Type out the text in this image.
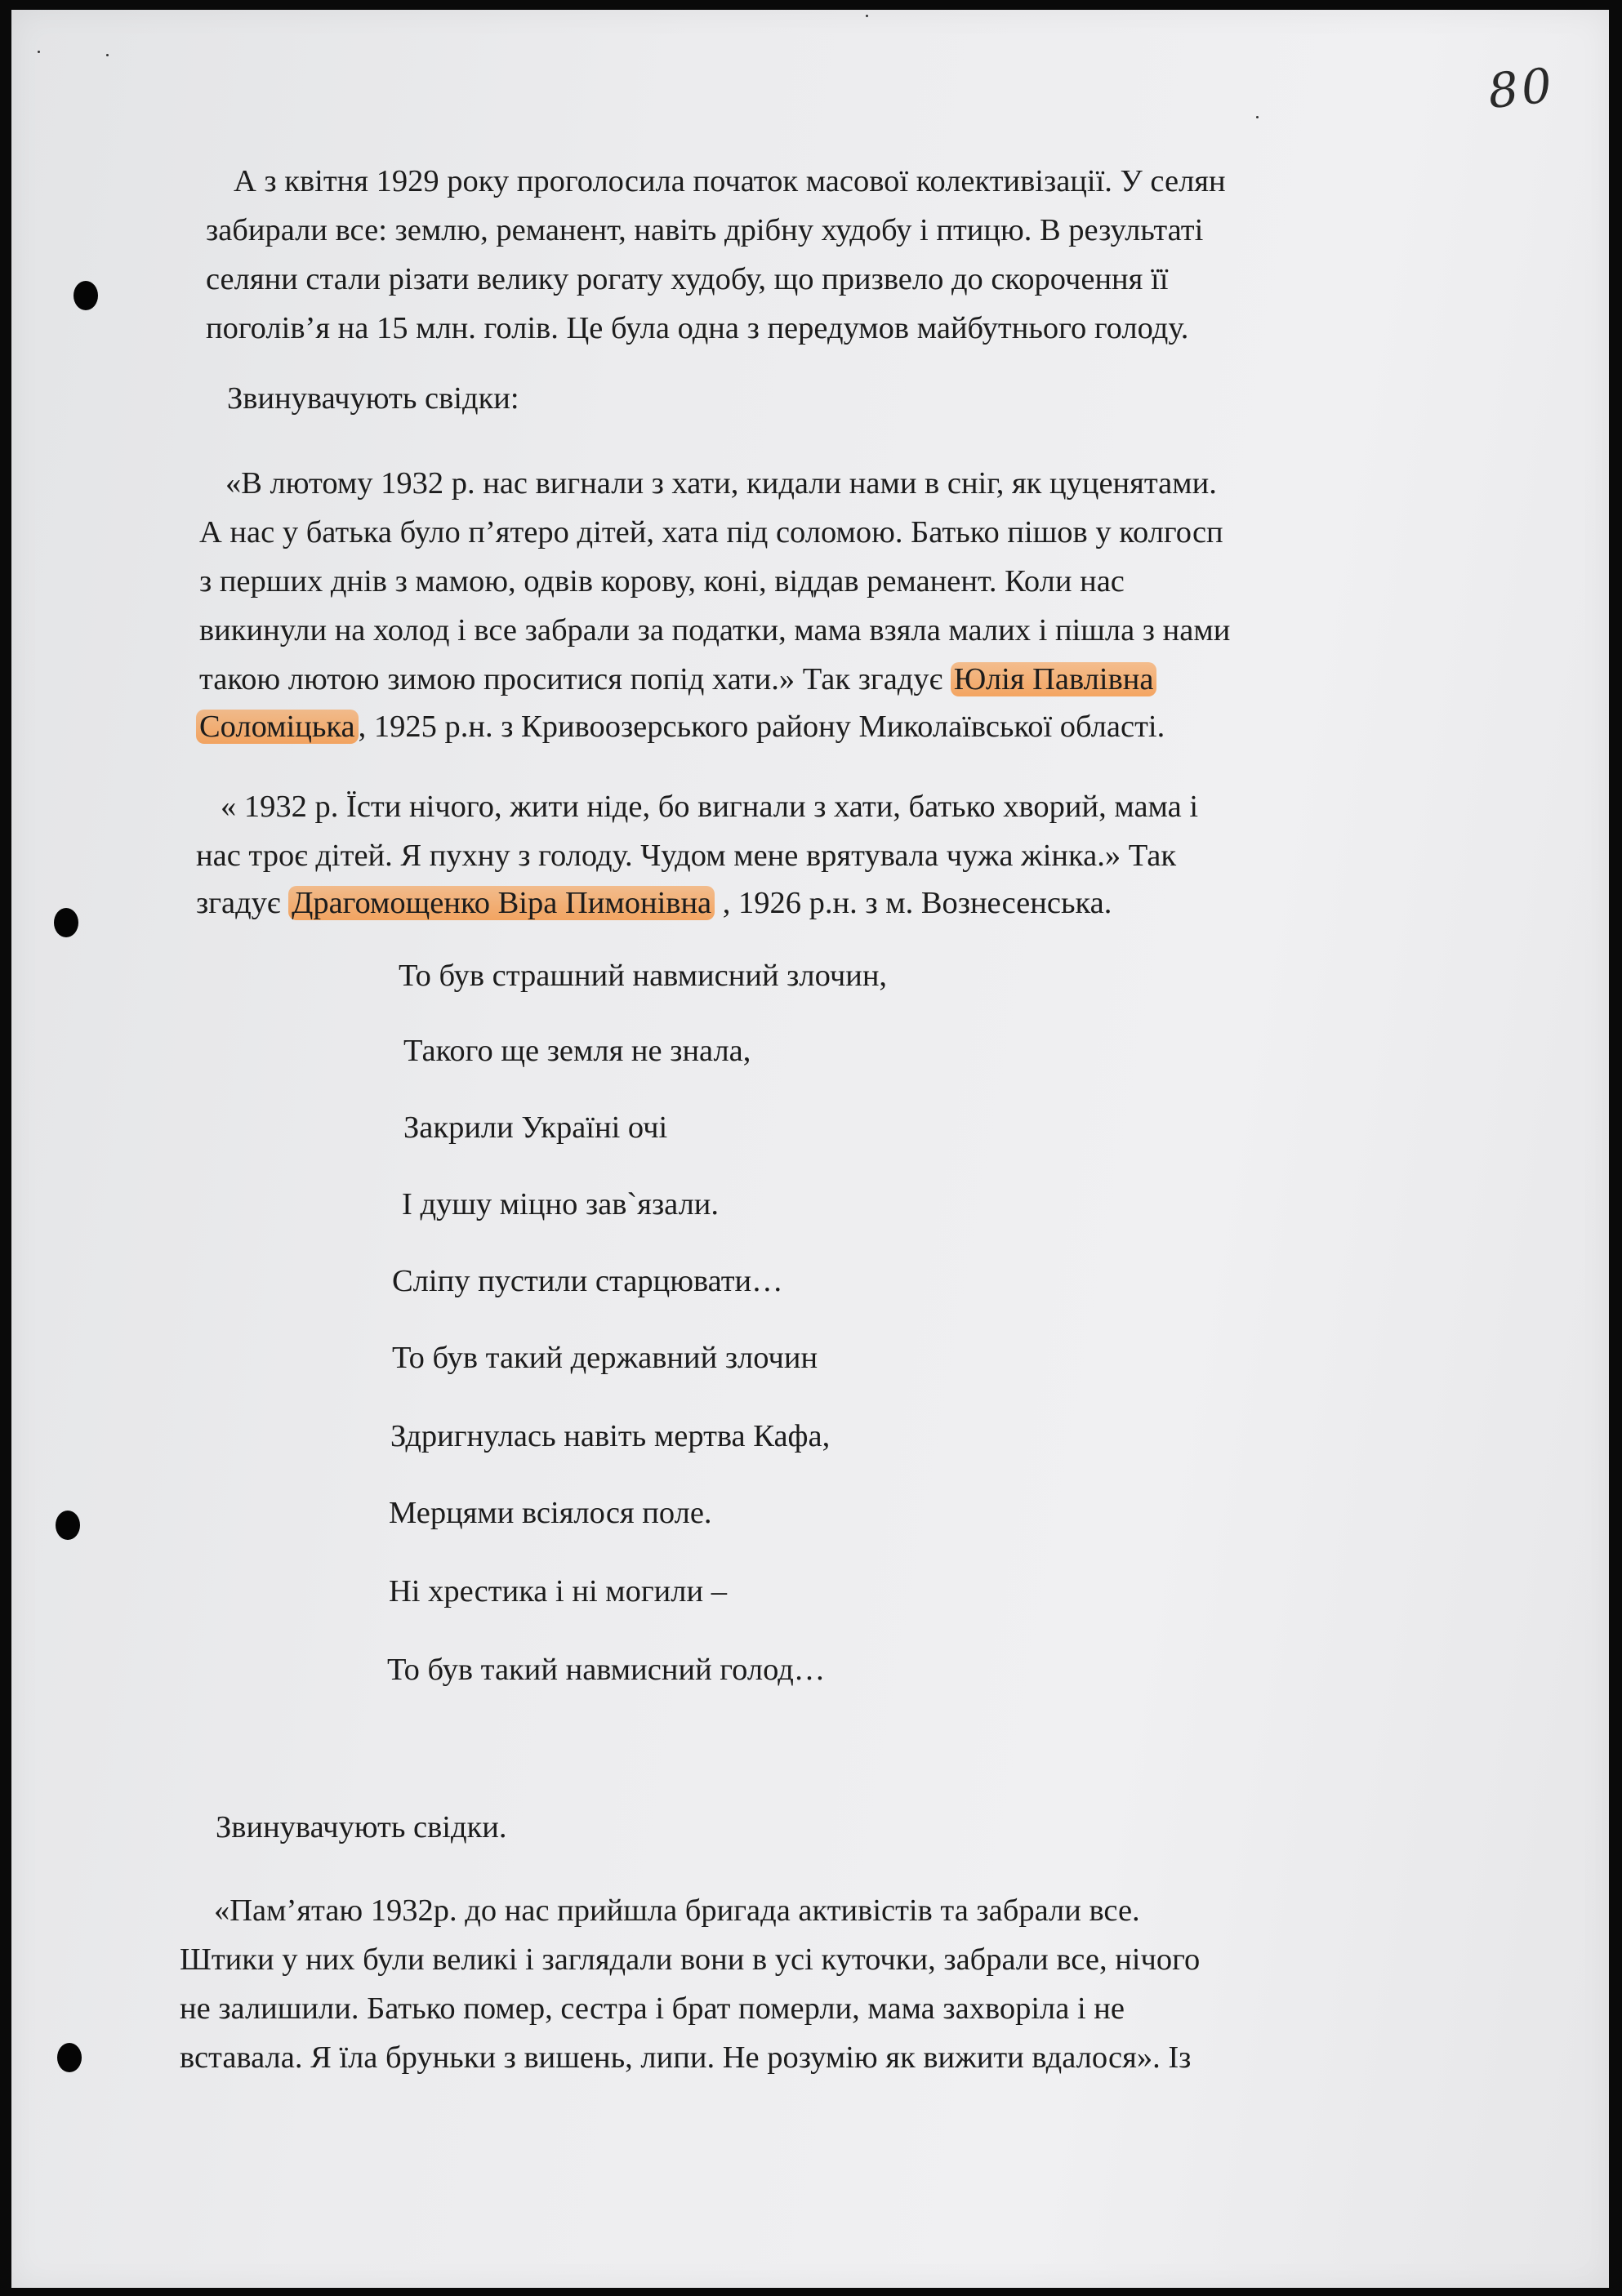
80

А з квітня 1929 року проголосила початок масової колективізації. У селян

забирали все: землю, реманент, навіть дрібну худобу і птицю. В результаті

селяни стали різати велику рогату худобу, що призвело до скорочення її

поголів’я на 15 млн. голів. Це була одна з передумов майбутнього голоду.

Звинувачують свідки:

«В лютому 1932 р. нас вигнали з хати, кидали нами в сніг, як цуценятами.

А нас у батька було п’ятеро дітей, хата під соломою. Батько пішов у колгосп

з перших днів з мамою, одвів корову, коні, віддав реманент. Коли нас

викинули на холод і все забрали за податки, мама взяла малих і пішла з нами

такою лютою зимою проситися попід хати.» Так згадує Юлія Павлівна

Соломіцька , 1925 р.н. з Кривоозерського району Миколаївської області.

« 1932 р. Їсти нічого, жити ніде, бо вигнали з хати, батько хворий, мама і

нас троє дітей. Я пухну з голоду. Чудом мене врятувала чужа жінка.» Так

згадує Драгомощенко Віра Пимонівна , 1926 р.н. з м. Вознесенська.

То був страшний навмисний злочин,

Такого ще земля не знала,

Закрили Україні очі

І душу міцно зав`язали.

Сліпу пустили старцювати…

То був такий державний злочин

Здригнулась навіть мертва Кафа,

Мерцями всіялося поле.

Ні хрестика і ні могили –

То був такий навмисний голод…

Звинувачують свідки.

«Пам’ятаю 1932р. до нас прийшла бригада активістів та забрали все.

Штики у них були великі і заглядали вони в усі куточки, забрали все, нічого

не залишили. Батько помер, сестра і брат померли, мама захворіла і не

вставала. Я їла бруньки з вишень, липи. Не розумію як вижити вдалося». Із
